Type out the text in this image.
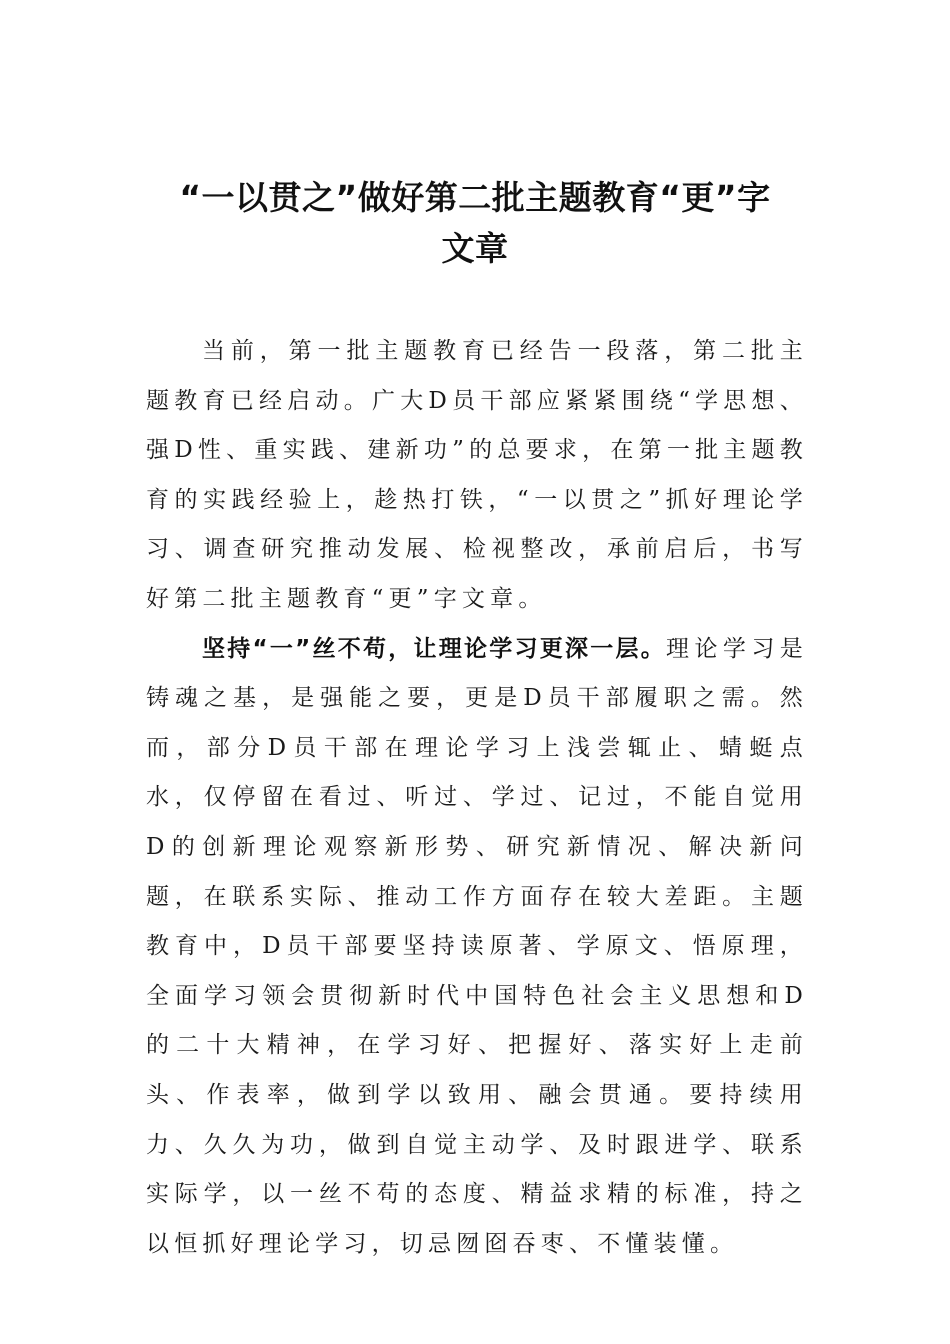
“一以贯之”做好第二批主题教育“更”字
文章

当前，第一批主题教育已经告一段落，第二批主题教育已经启动。广大D员干部应紧紧围绕“学思想、强D性、重实践、建新功”的总要求，在第一批主题教育的实践经验上，趁热打铁，“一以贯之”抓好理论学习、调查研究推动发展、检视整改，承前启后，书写好第二批主题教育“更”字文章。

坚持“一”丝不苟，让理论学习更深一层。理论学习是铸魂之基，是强能之要，更是D员干部履职之需。然而，部分D员干部在理论学习上浅尝辄止、蜻蜓点水，仅停留在看过、听过、学过、记过，不能自觉用D的创新理论观察新形势、研究新情况、解决新问题，在联系实际、推动工作方面存在较大差距。主题教育中，D员干部要坚持读原著、学原文、悟原理，全面学习领会贯彻新时代中国特色社会主义思想和D的二十大精神，在学习好、把握好、落实好上走前头、作表率，做到学以致用、融会贯通。要持续用力、久久为功，做到自觉主动学、及时跟进学、联系实际学，以一丝不苟的态度、精益求精的标准，持之以恒抓好理论学习，切忌囫囵吞枣、不懂装懂。
